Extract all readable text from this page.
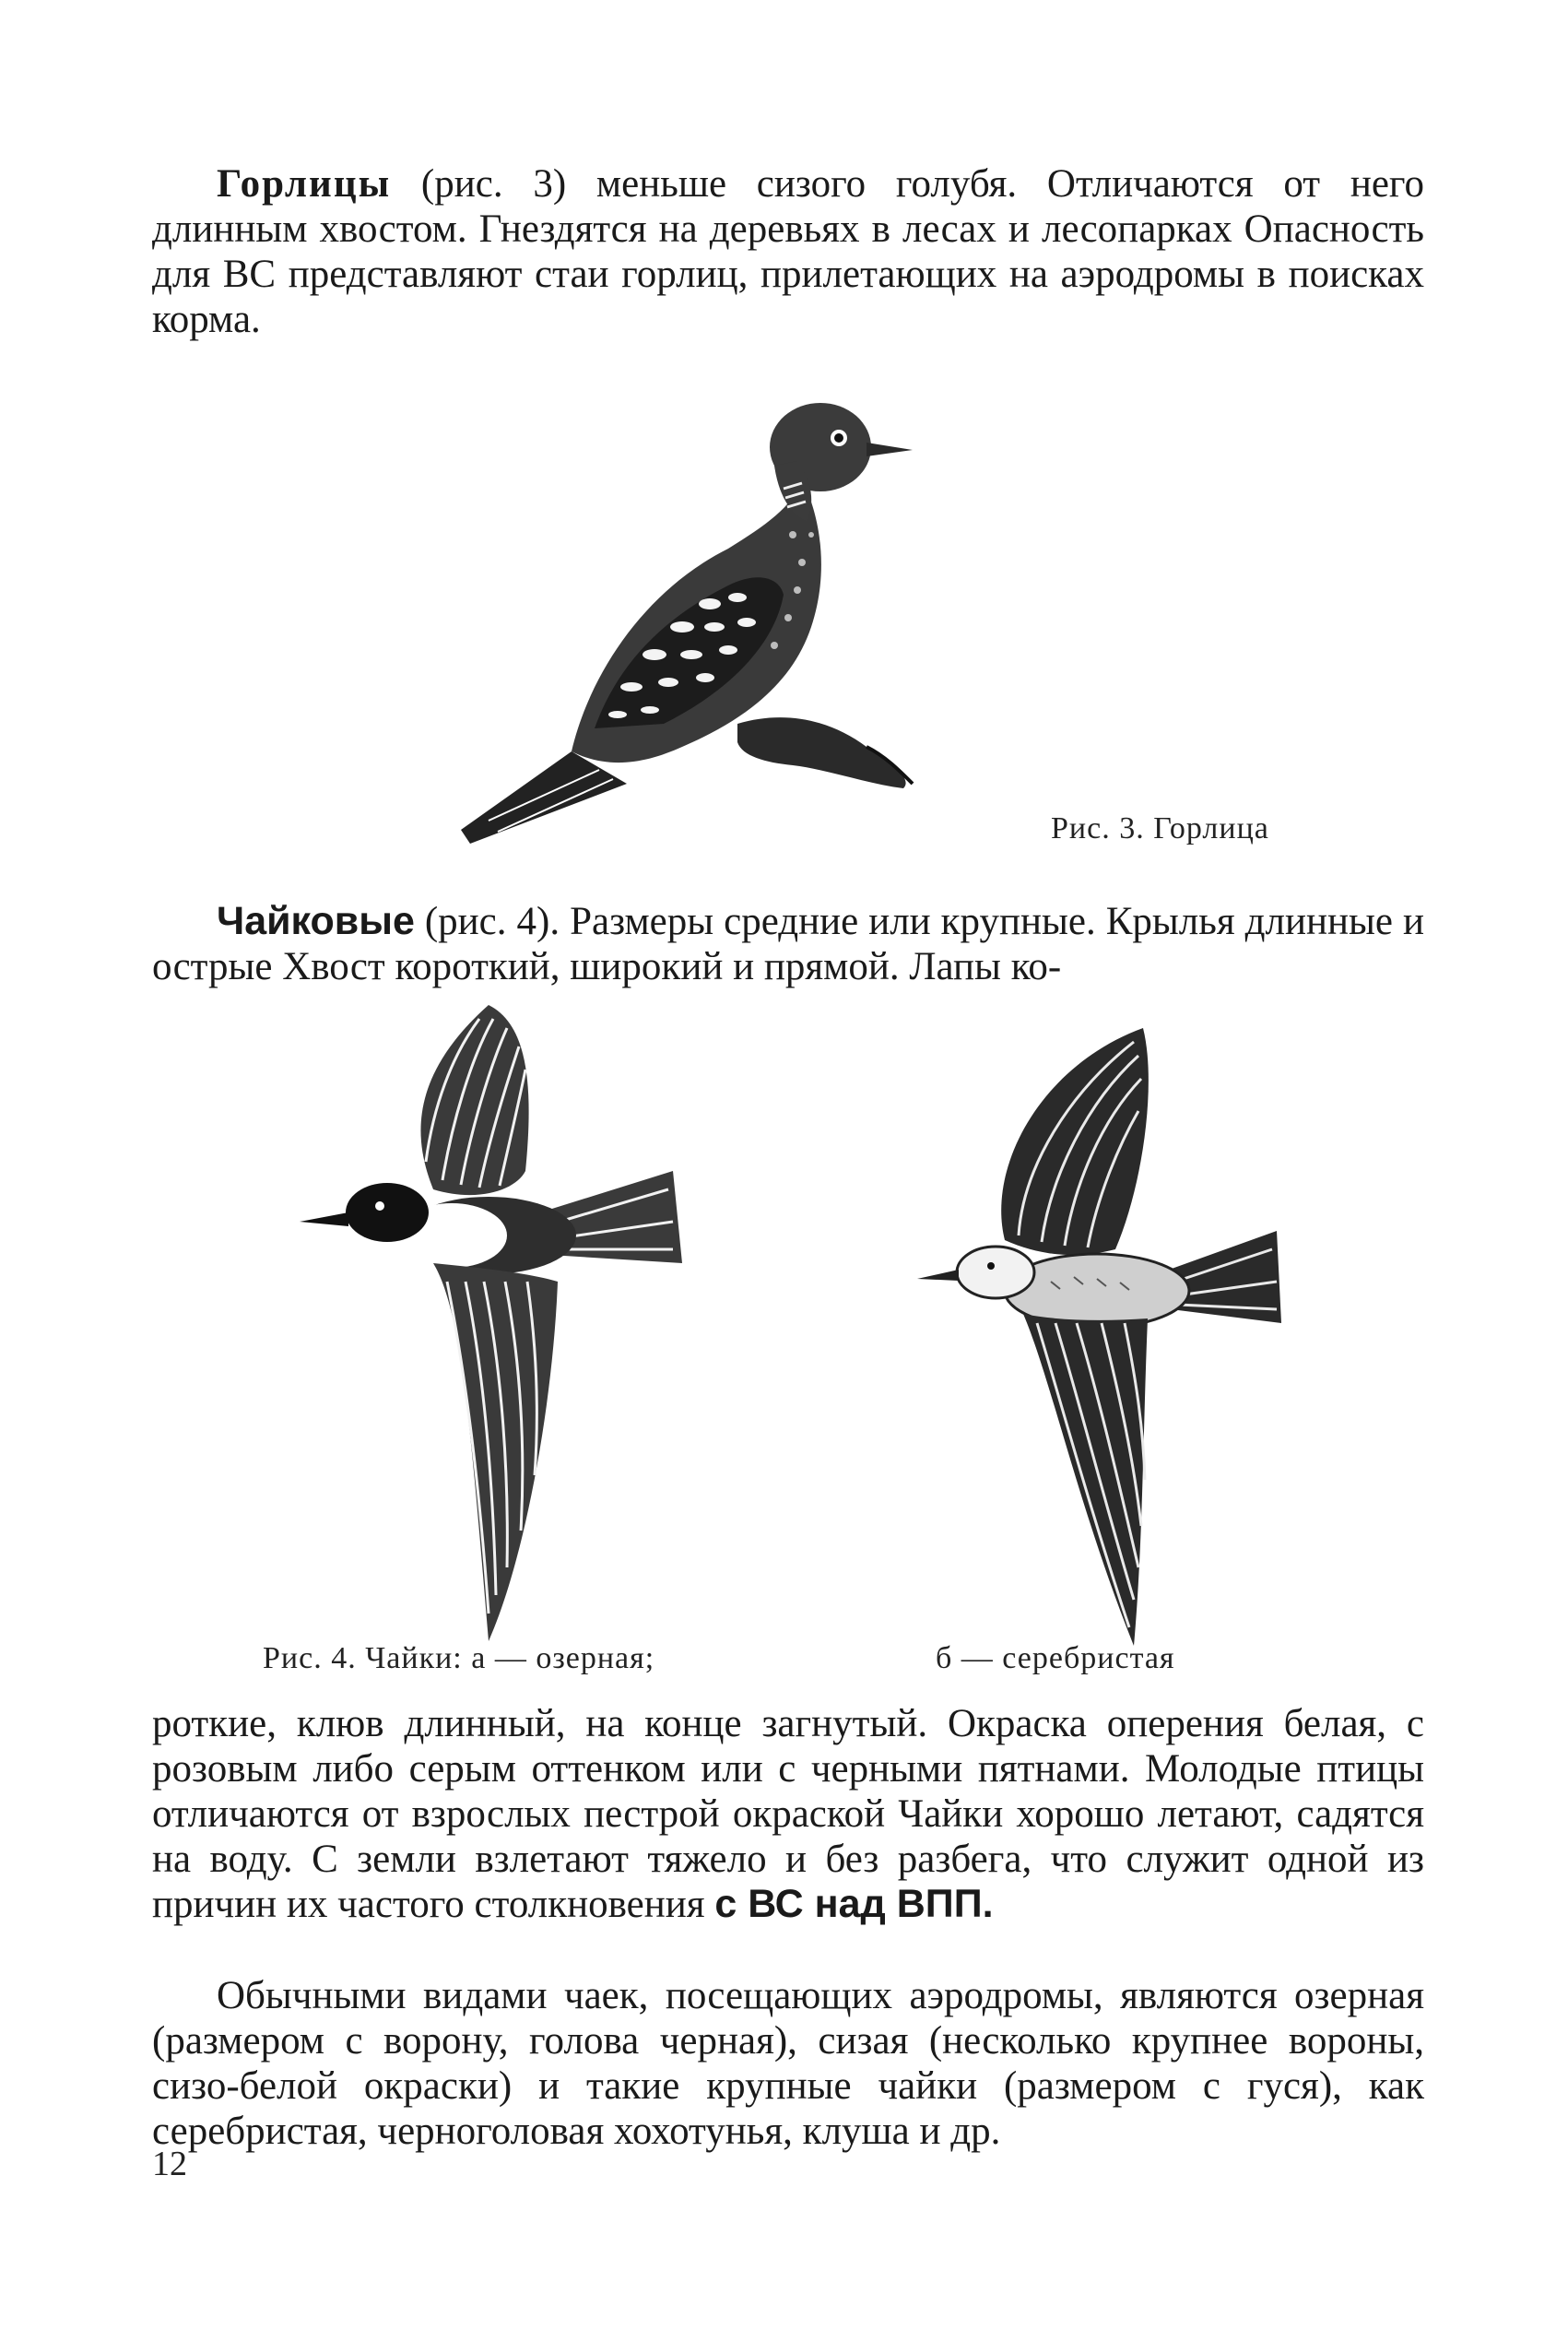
Горлицы (рис. 3) меньше сизого голубя. Отличаются от него длинным хвостом. Гнездятся на деревьях в лесах и лесопарках Опасность для ВС представляют стаи горлиц, прилетающих на аэродромы в поисках корма.

Рис. 3. Горлица

Чайковые (рис. 4). Размеры средние или крупные. Крылья длинные и острые Хвост короткий, широкий и прямой. Лапы ко-

Рис. 4. Чайки: а — озерная;	б — серебристая

роткие, клюв длинный, на конце загнутый. Окраска оперения белая, с розовым либо серым оттенком или с черными пятнами. Молодые птицы отличаются от взрослых пестрой окраской Чайки хорошо летают, садятся на воду. С земли взлетают тяжело и без разбега, что служит одной из причин их частого столкновения с ВС над ВПП.

Обычными видами чаек, посещающих аэродромы, являются озерная (размером с ворону, голова черная), сизая (несколько крупнее вороны, сизо-белой окраски) и такие крупные чайки (размером с гуся), как серебристая, черноголовая хохотунья, клуша и др.

12
